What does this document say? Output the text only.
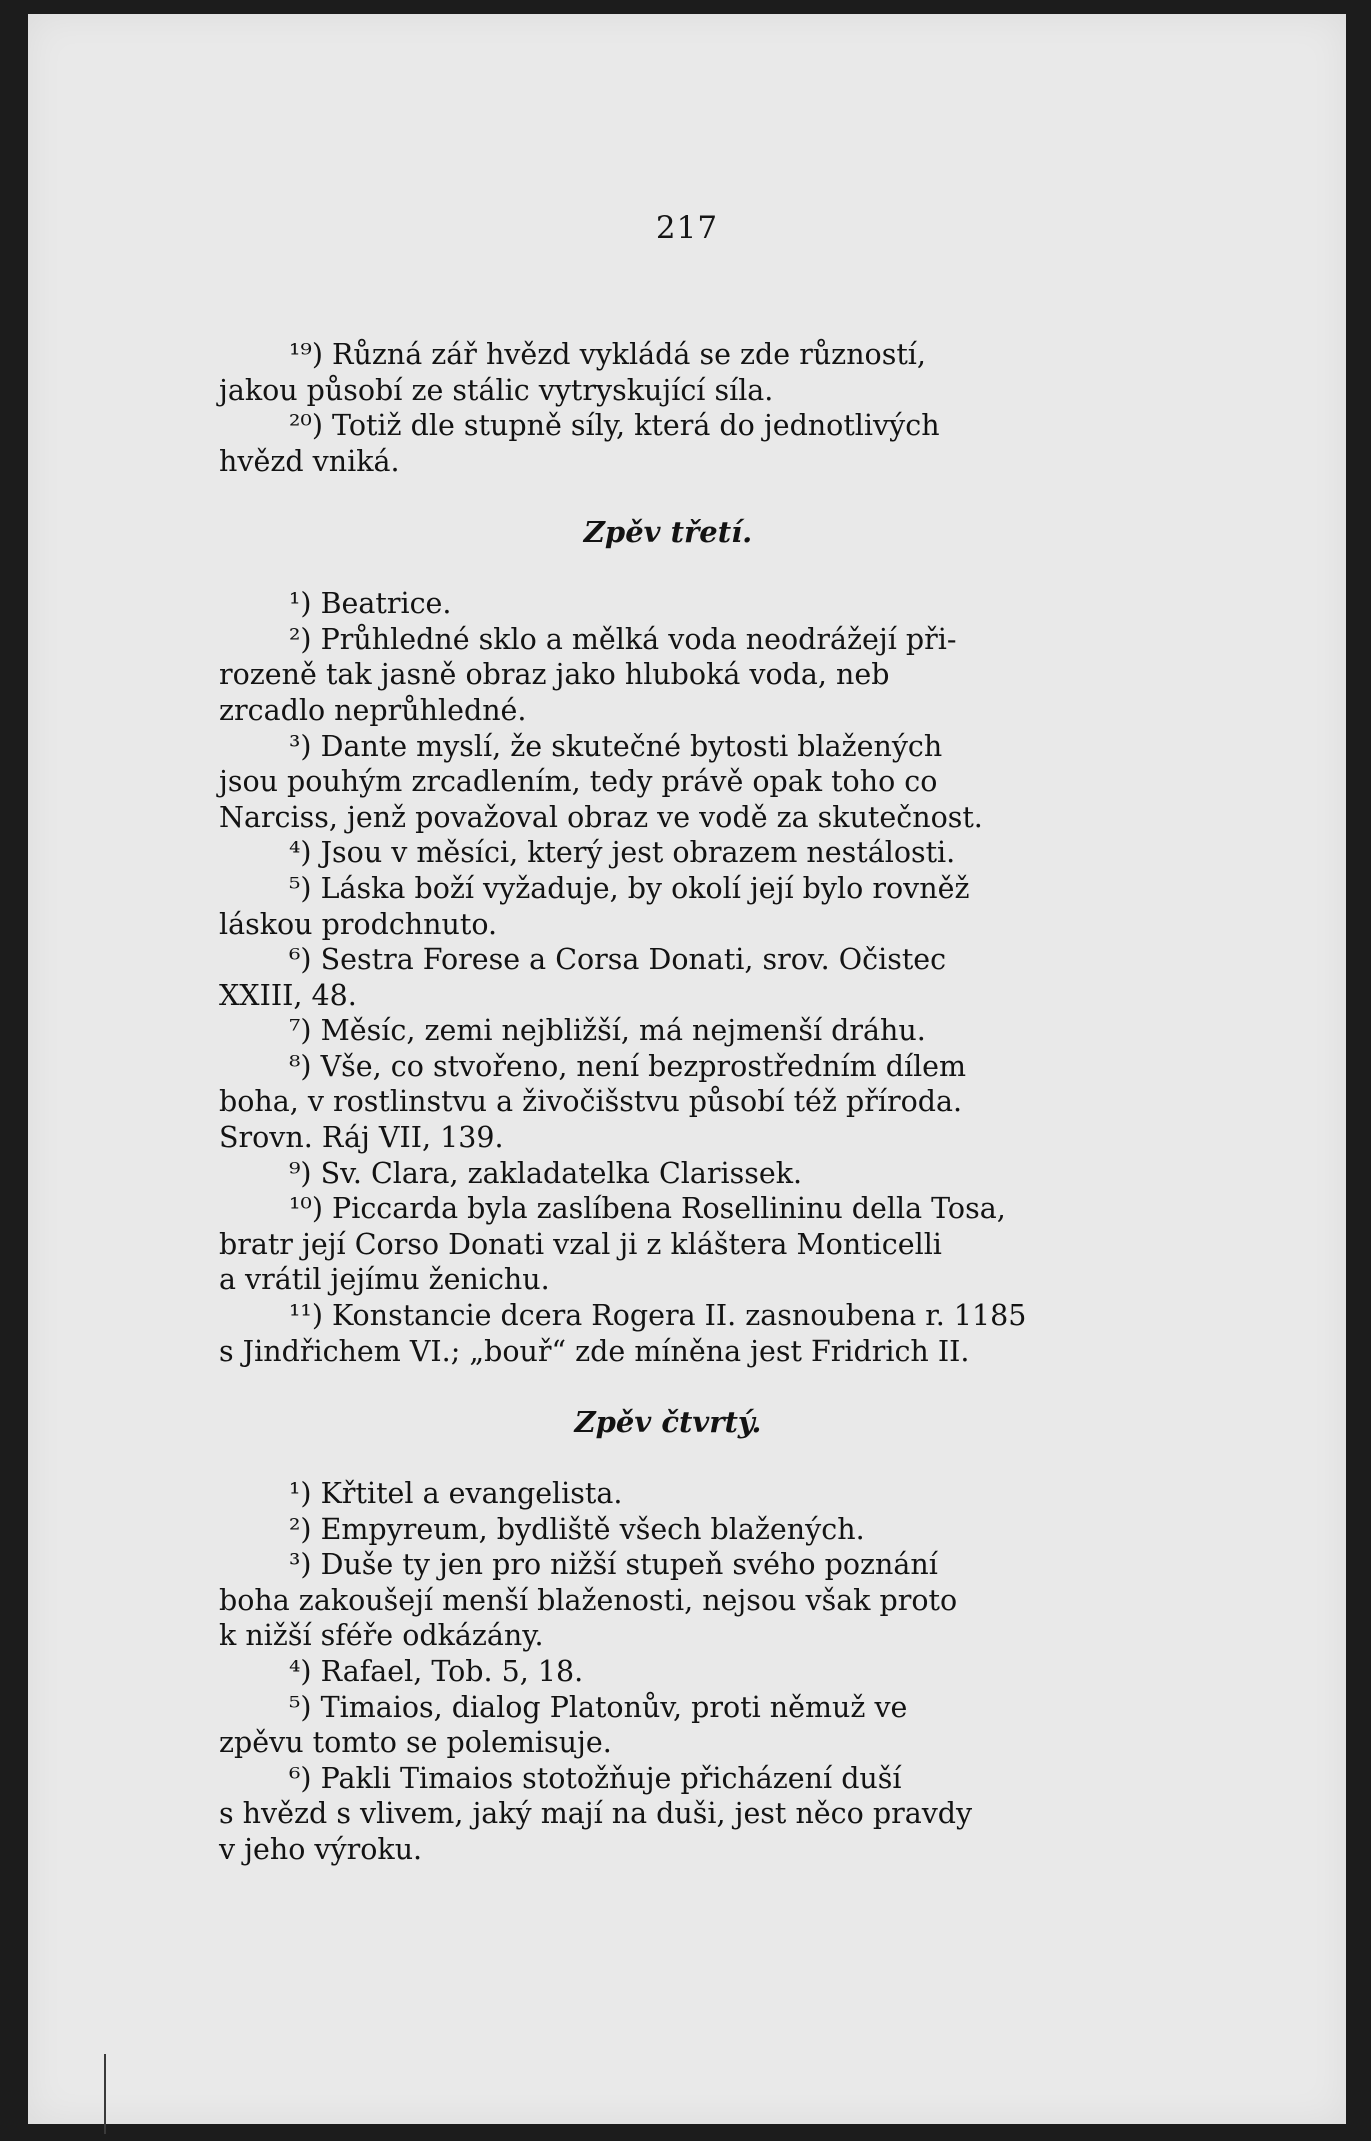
217
¹⁹) Různá zář hvězd vykládá se zde růzností,
jakou působí ze stálic vytryskující síla.
²⁰) Totiž dle stupně síly, která do jednotlivých
hvězd vniká.
Zpěv třetí.
¹) Beatrice.
²) Průhledné sklo a mělká voda neodrážejí při-
rozeně tak jasně obraz jako hluboká voda, neb
zrcadlo neprůhledné.
³) Dante myslí, že skutečné bytosti blažených
jsou pouhým zrcadlením, tedy právě opak toho co
Narciss, jenž považoval obraz ve vodě za skutečnost.
⁴) Jsou v měsíci, který jest obrazem nestálosti.
⁵) Láska boží vyžaduje, by okolí její bylo rovněž
láskou prodchnuto.
⁶) Sestra Forese a Corsa Donati, srov. Očistec
XXIII, 48.
⁷) Měsíc, zemi nejbližší, má nejmenší dráhu.
⁸) Vše, co stvořeno, není bezprostředním dílem
boha, v rostlinstvu a živočišstvu působí též příroda.
Srovn. Ráj VII, 139.
⁹) Sv. Clara, zakladatelka Clarissek.
¹⁰) Piccarda byla zaslíbena Rosellininu della Tosa,
bratr její Corso Donati vzal ji z kláštera Monticelli
a vrátil jejímu ženichu.
¹¹) Konstancie dcera Rogera II. zasnoubena r. 1185
s Jindřichem VI.; „bouř“ zde míněna jest Fridrich II.
Zpěv čtvrtý.
¹) Křtitel a evangelista.
²) Empyreum, bydliště všech blažených.
³) Duše ty jen pro nižší stupeň svého poznání
boha zakoušejí menší blaženosti, nejsou však proto
k nižší sféře odkázány.
⁴) Rafael, Tob. 5, 18.
⁵) Timaios, dialog Platonův, proti němuž ve
zpěvu tomto se polemisuje.
⁶) Pakli Timaios stotožňuje přicházení duší
s hvězd s vlivem, jaký mají na duši, jest něco pravdy
v jeho výroku.
